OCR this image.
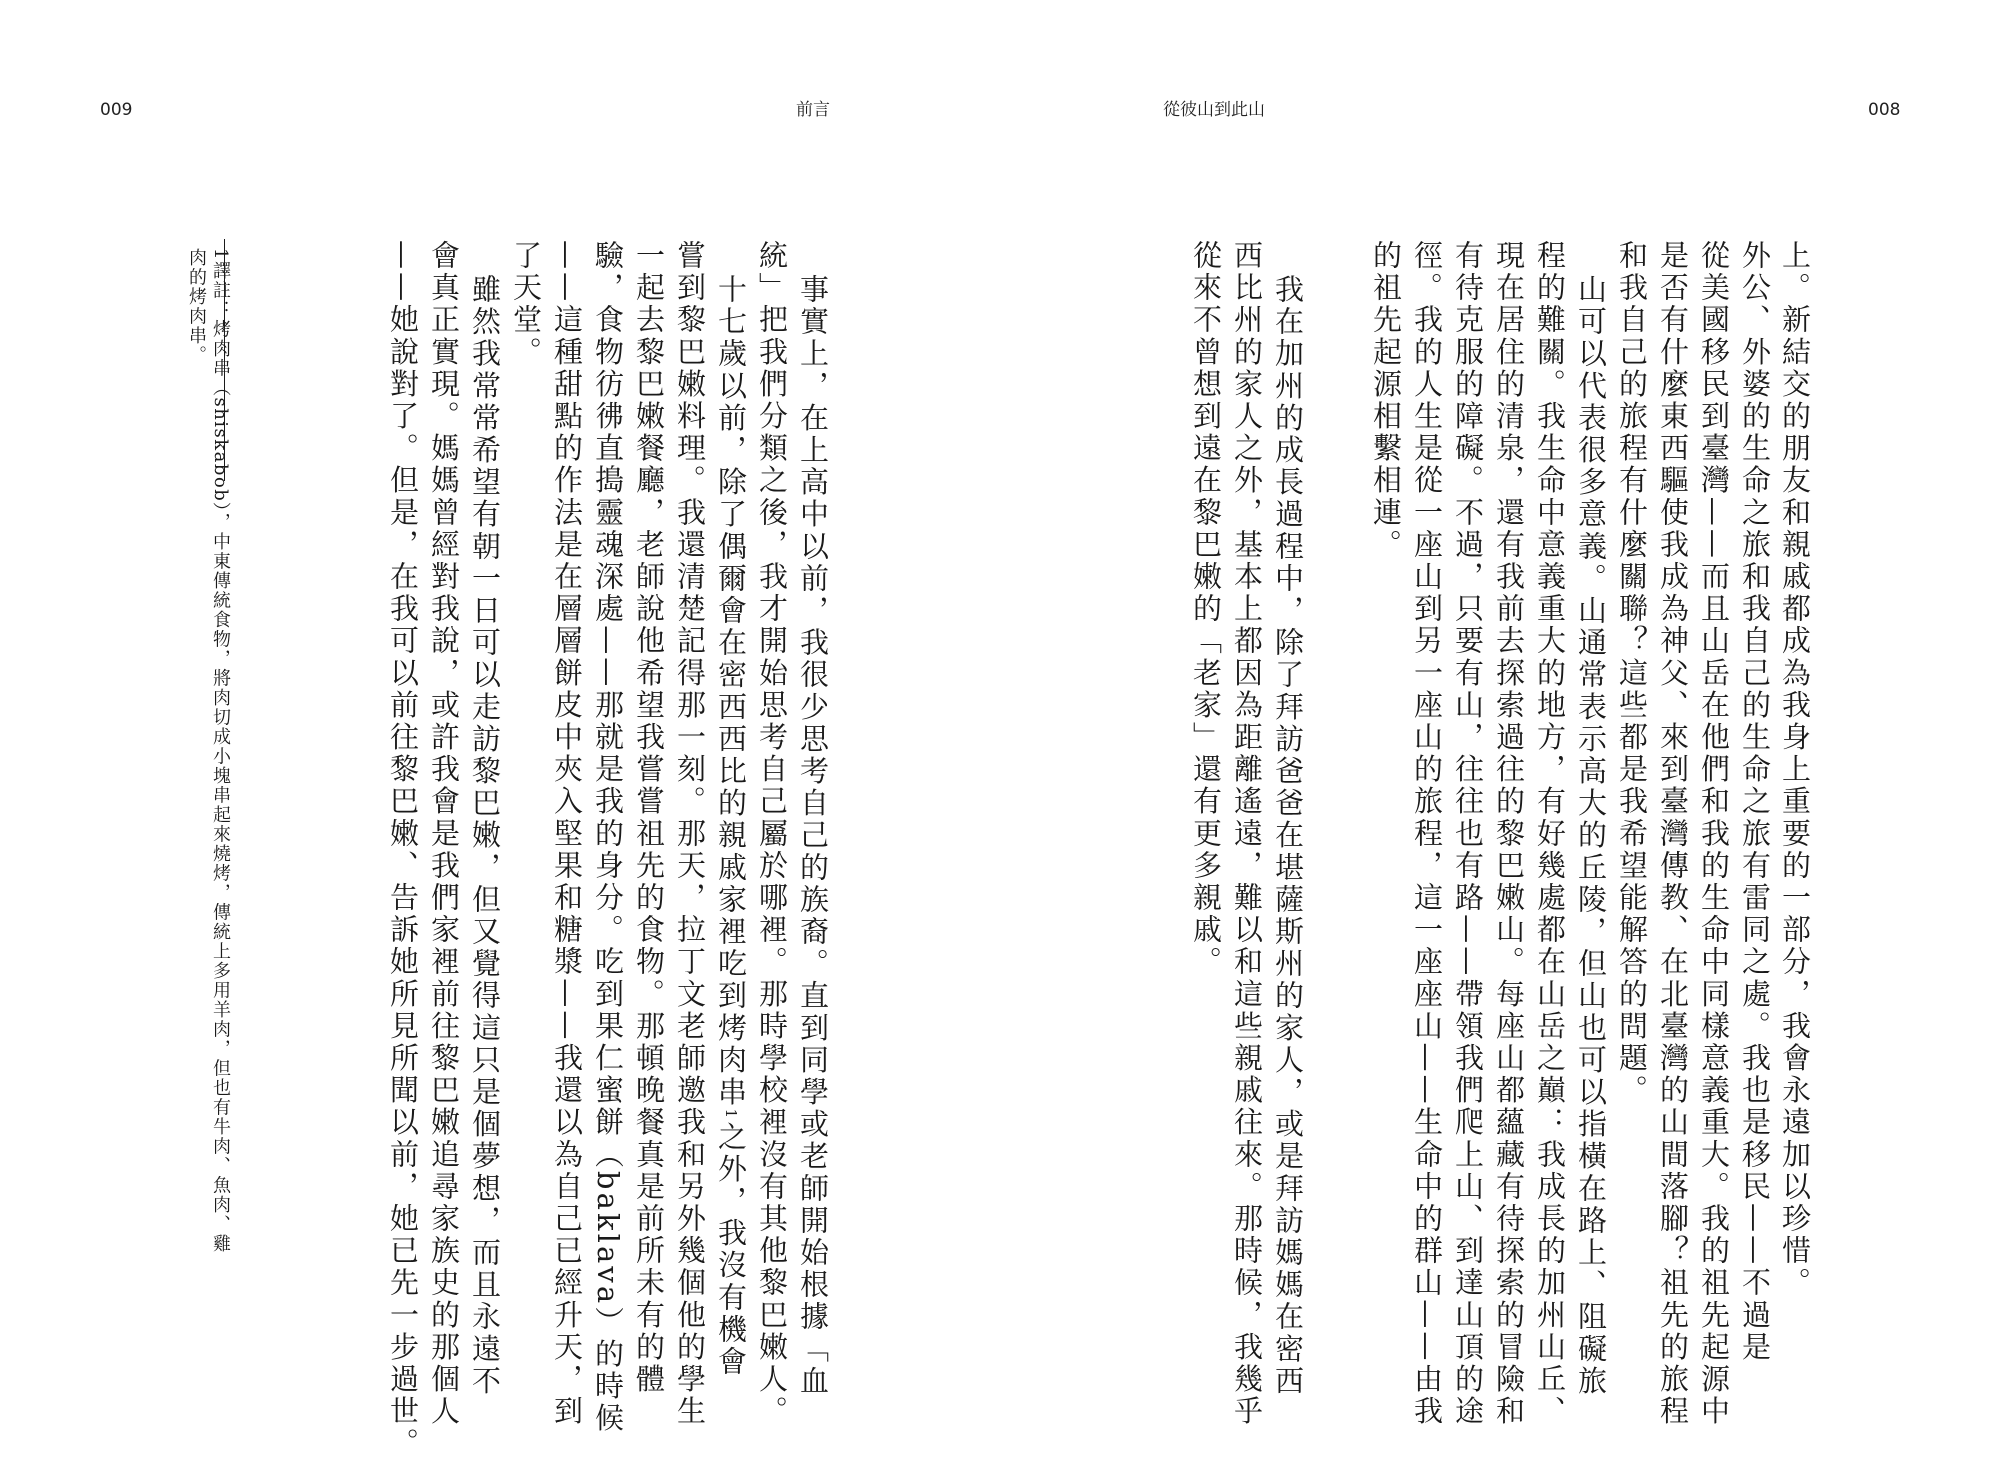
009	前言	從彼山到此山	008
上。新結交的朋友和親戚都成為我身上重要的一部分，我會永遠加以珍惜。
外公、外婆的生命之旅和我自己的生命之旅有雷同之處。我也是移民——不過是
從美國移民到臺灣——而且山岳在他們和我的生命中同樣意義重大。我的祖先起源中
是否有什麼東西驅使我成為神父、來到臺灣傳教、在北臺灣的山間落腳？祖先的旅程
和我自己的旅程有什麼關聯？這些都是我希望能解答的問題。
山可以代表很多意義。山通常表示高大的丘陵，但山也可以指橫在路上、阻礙旅
程的難關。我生命中意義重大的地方，有好幾處都在山岳之巔：我成長的加州山丘、
現在居住的清泉，還有我前去探索過往的黎巴嫩山。每座山都蘊藏有待探索的冒險和
有待克服的障礙。不過，只要有山，往往也有路——帶領我們爬上山、到達山頂的途
徑。我的人生是從一座山到另一座山的旅程，這一座座山——生命中的群山——由我
的祖先起源相繫相連。
我在加州的成長過程中，除了拜訪爸爸在堪薩斯州的家人，或是拜訪媽媽在密西
西比州的家人之外，基本上都因為距離遙遠，難以和這些親戚往來。那時候，我幾乎
從來不曾想到遠在黎巴嫩的「老家」還有更多親戚。
事實上，在上高中以前，我很少思考自己的族裔。直到同學或老師開始根據「血
統」把我們分類之後，我才開始思考自己屬於哪裡。那時學校裡沒有其他黎巴嫩人。
十七歲以前，除了偶爾會在密西西比的親戚家裡吃到烤肉串1之外，我沒有機會
嘗到黎巴嫩料理。我還清楚記得那一刻。那天，拉丁文老師邀我和另外幾個他的學生
一起去黎巴嫩餐廳，老師說他希望我嘗嘗祖先的食物。那頓晚餐真是前所未有的體
驗，食物彷彿直搗靈魂深處——那就是我的身分。吃到果仁蜜餅（baklava）的時候
——這種甜點的作法是在層層餅皮中夾入堅果和糖漿——我還以為自己已經升天，到
了天堂。
雖然我常常希望有朝一日可以走訪黎巴嫩，但又覺得這只是個夢想，而且永遠不
會真正實現。媽媽曾經對我說，或許我會是我們家裡前往黎巴嫩追尋家族史的那個人
——她說對了。但是，在我可以前往黎巴嫩、告訴她所見所聞以前，她已先一步過世。
1譯註：烤肉串（shiskabob），中東傳統食物，將肉切成小塊串起來燒烤，傳統上多用羊肉，但也有牛肉、魚肉、雞
肉的烤肉串。
